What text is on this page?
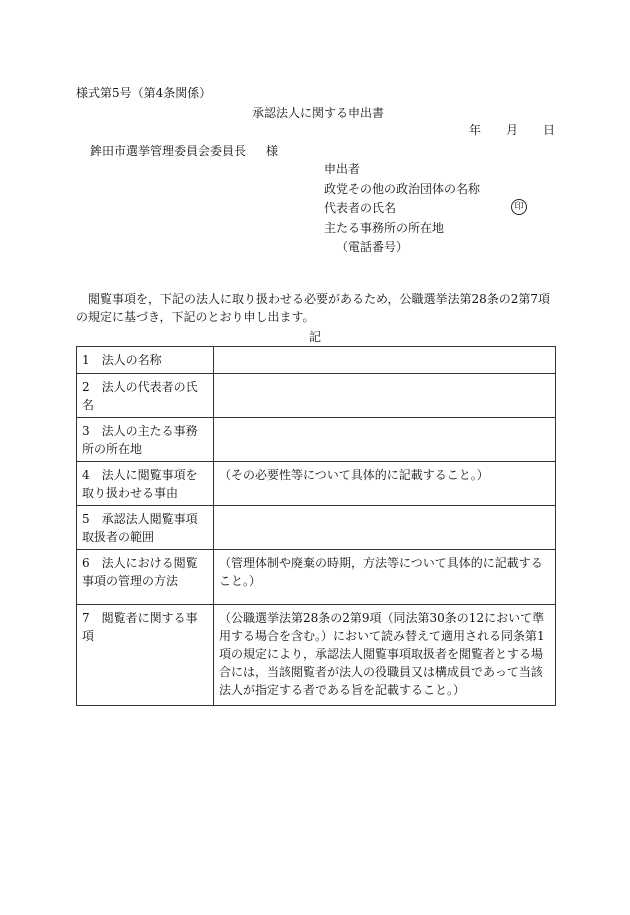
様式第5号（第4条関係）
承認法人に関する申出書
年 月 日
鉾田市選挙管理委員会委員長 様
申出者
政党その他の政治団体の名称
代表者の氏名	印
主たる事務所の所在地
（電話番号）
閲覧事項を，下記の法人に取り扱わせる必要があるため，公職選挙法第28条の2第7項の規定に基づき，下記のとおり申し出ます。
記
1　法人の名称	
2　法人の代表者の氏名	
3　法人の主たる事務所の所在地	
4　法人に閲覧事項を取り扱わせる事由	（その必要性等について具体的に記載すること。）
5　承認法人閲覧事項取扱者の範囲	
6　法人における閲覧事項の管理の方法	（管理体制や廃棄の時期，方法等について具体的に記載すること。）
7　閲覧者に関する事項	（公職選挙法第28条の2第9項（同法第30条の12において準用する場合を含む。）において読み替えて適用される同条第1項の規定により，承認法人閲覧事項取扱者を閲覧者とする場合には，当該閲覧者が法人の役職員又は構成員であって当該法人が指定する者である旨を記載すること。）
